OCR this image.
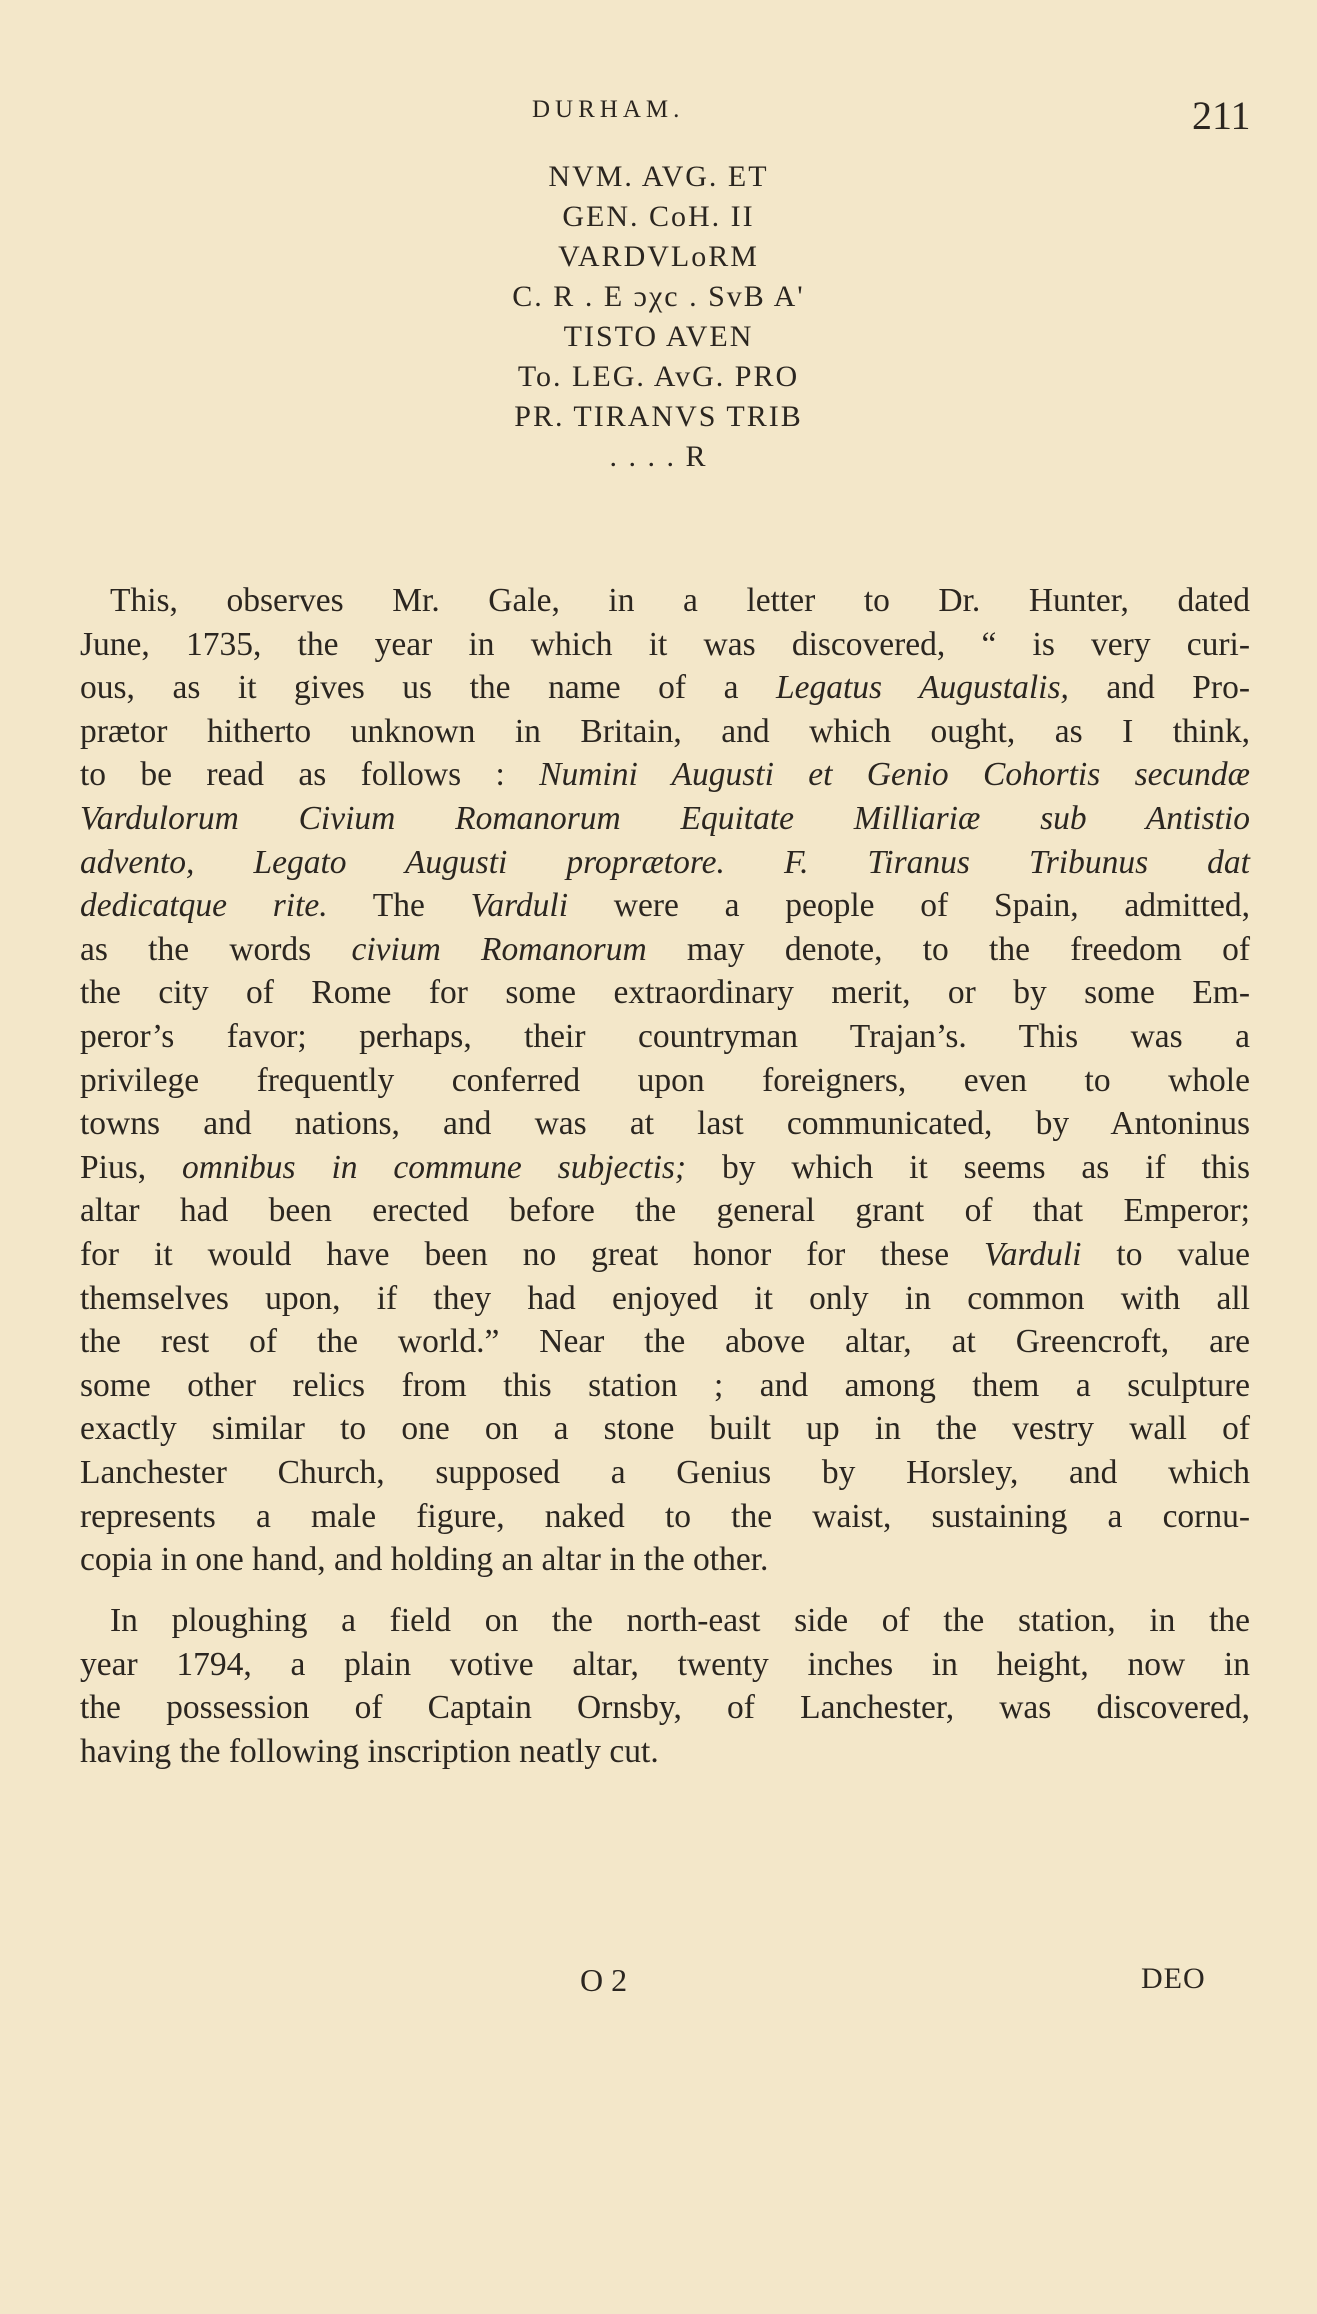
DURHAM.	211
NVM. AVG. ET
GEN. CoH. II
VARDVLoRM
C. R . E ɔχc . SvB A'
TISTO AVEN
To. LEG. AvG. PRO
PR. TIRANVS TRIB
. . . . R
This, observes Mr. Gale, in a letter to Dr. Hunter, dated
June, 1735, the year in which it was discovered, “ is very curi-
ous, as it gives us the name of a Legatus Augustalis, and Pro-
prætor hitherto unknown in Britain, and which ought, as I think,
to be read as follows : Numini Augusti et Genio Cohortis secundæ
Vardulorum Civium Romanorum Equitate Milliariæ sub Antistio
advento, Legato Augusti proprætore. F. Tiranus Tribunus dat
dedicatque rite. The Varduli were a people of Spain, admitted,
as the words civium Romanorum may denote, to the freedom of
the city of Rome for some extraordinary merit, or by some Em-
peror’s favor; perhaps, their countryman Trajan’s. This was a
privilege frequently conferred upon foreigners, even to whole
towns and nations, and was at last communicated, by Antoninus
Pius, omnibus in commune subjectis; by which it seems as if this
altar had been erected before the general grant of that Emperor;
for it would have been no great honor for these Varduli to value
themselves upon, if they had enjoyed it only in common with all
the rest of the world.” Near the above altar, at Greencroft, are
some other relics from this station ; and among them a sculpture
exactly similar to one on a stone built up in the vestry wall of
Lanchester Church, supposed a Genius by Horsley, and which
represents a male figure, naked to the waist, sustaining a cornu-
copia in one hand, and holding an altar in the other.
In ploughing a field on the north-east side of the station, in the
year 1794, a plain votive altar, twenty inches in height, now in
the possession of Captain Ornsby, of Lanchester, was discovered,
having the following inscription neatly cut.
O 2	DEO
